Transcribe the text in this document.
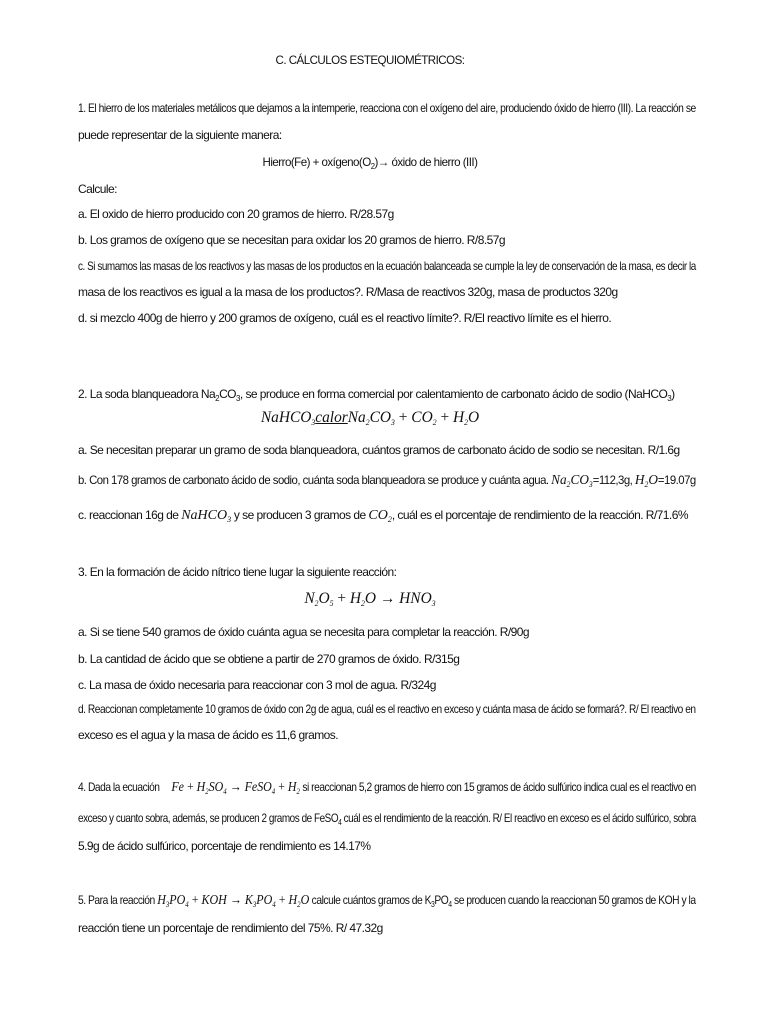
C. CÁLCULOS ESTEQUIOMÉTRICOS:

1. El hierro de los materiales metálicos que dejamos a la intemperie, reacciona con el oxígeno del aire, produciendo óxido de hierro (III). La reacción se

puede representar de la siguiente manera:

Hierro(Fe) + $oxígeno(O_2)\to$ óxido de hierro (III)

Calcule:

a. El oxido de hierro producido con 20 gramos de hierro. R/28.57g

b. Los gramos de oxígeno que se necesitan para oxidar los 20 gramos de hierro. R/8.57g

c. Si sumamos las masas de los reactivos y las masas de los productos en la ecuación balanceada se cumple la ley de conservación de la masa, es decir la

masa de los reactivos es igual a la masa de los productos?. R/Masa de reactivos 320g, masa de productos 320g

d. si mezclo 400g de hierro y 200 gramos de oxígeno, cuál es el reactivo límite?. R/El reactivo límite es el hierro.

2. La soda blanqueadora $Na_2CO_3$, se produce en forma comercial por calentamiento de carbonato ácido de sodio (NaHCO$_3$)

$NaHCO_3calorNa_2CO_3 + CO_2 + H_2O$

a. Se necesitan preparar un gramo de soda blanqueadora, cuántos gramos de carbonato ácido de sodio se necesitan. R/1.6g

b. Con 178 gramos de carbonato ácido de sodio, cuánta soda blanqueadora se produce y cuánta agua. $Na_2CO_3=112,3g$, $H_2O=19.07g$

c. reaccionan 16g de NaHCO$_3$ y se producen 3 gramos de $CO_2$, cuál es el porcentaje de rendimiento de la reacción. R/71.6%

3. En la formación de ácido nítrico tiene lugar la siguiente reacción:

$N_2O_5 + H_2O \to HNO_3$

a. Si se tiene 540 gramos de óxido cuánta agua se necesita para completar la reacción. R/90g

b. La cantidad de ácido que se obtiene a partir de 270 gramos de óxido. R/315g

c. La masa de óxido necesaria para reaccionar con 3 mol de agua. R/324g

d. Reaccionan completamente 10 gramos de óxido con 2g de agua, cuál es el reactivo en exceso y cuánta masa de ácido se formará?. R/ El reactivo en

exceso es el agua y la masa de ácido es 11,6 gramos.

4. Dada la ecuación $Fe + H_2SO_4$ → FeSO$_4$ + $H_2$ si reaccionan 5,2 gramos de hierro con 15 gramos de ácido sulfúrico indica cual es el reactivo en

exceso y cuanto sobra, además, se producen 2 gramos de FeSO$_4$ cuál es el rendimiento de la reacción. R/ El reactivo en exceso es el ácido sulfúrico, sobra

5.9g de ácido sulfúrico, porcentaje de rendimiento es 14.17%

5. Para la reacción $H_3PO_4$ + KOH → $K_3PO_4 + H_2O$ calcule cuántos gramos de $K_3PO_4$ se producen cuando la reaccionan 50 gramos de KOH y la

reacción tiene un porcentaje de rendimiento del 75%. R/ 47.32g
